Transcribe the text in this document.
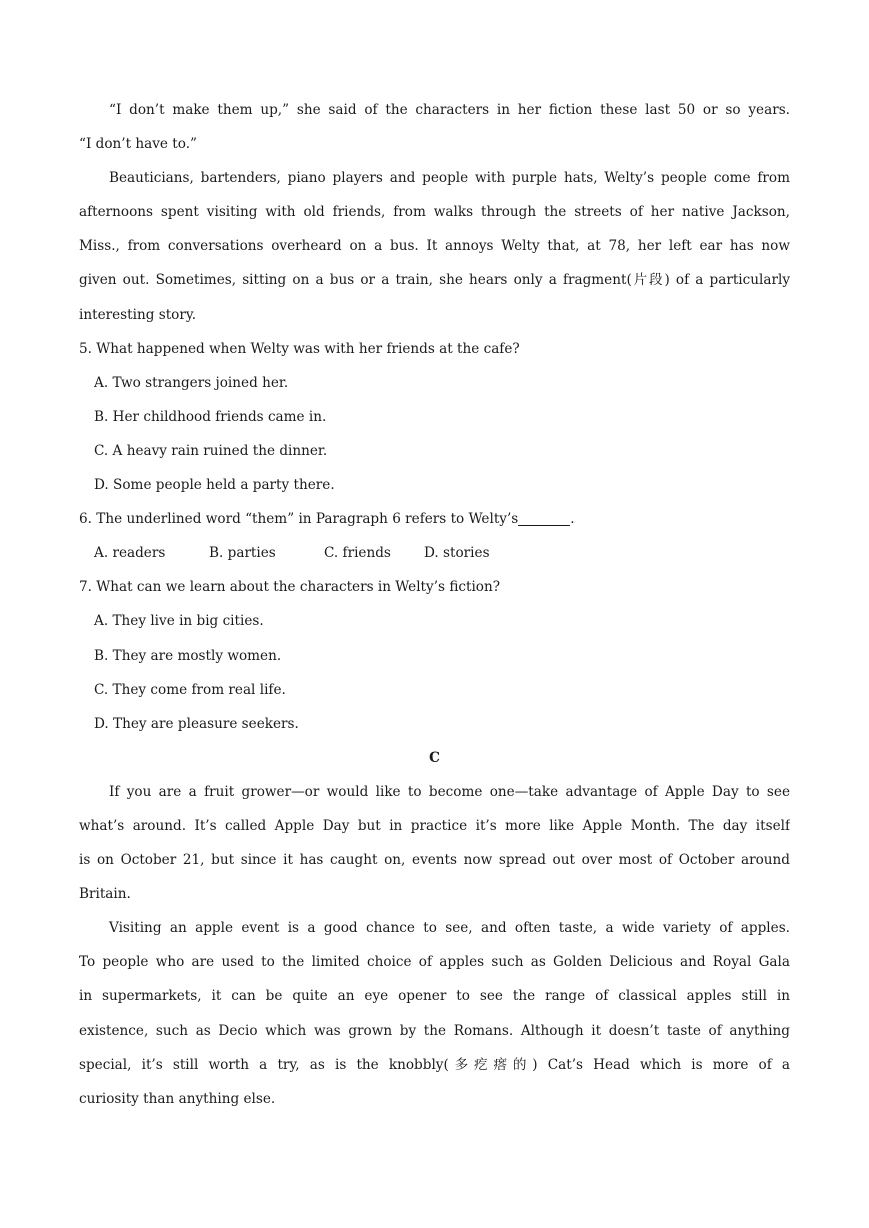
“I don’t make them up,” she said of the characters in her fiction these last 50 or so years.
“I don’t have to.”
Beauticians, bartenders, piano players and people with purple hats, Welty’s people come from
afternoons spent visiting with old friends, from walks through the streets of her native Jackson,
Miss., from conversations overheard on a bus. It annoys Welty that, at 78, her left ear has now
given out. Sometimes, sitting on a bus or a train, she hears only a fragment(片段) of a particularly
interesting story.
5. What happened when Welty was with her friends at the cafe?
A. Two strangers joined her.
B. Her childhood friends came in.
C. A heavy rain ruined the dinner.
D. Some people held a party there.
6. The underlined word “them” in Paragraph 6 refers to Welty’s	.
A. readers	B. parties	C. friends D. stories
7. What can we learn about the characters in Welty’s fiction?
A. They live in big cities.
B. They are mostly women.
C. They come from real life.
D. They are pleasure seekers.
C
If you are a fruit grower—or would like to become one—take advantage of Apple Day to see
what’s around. It’s called Apple Day but in practice it’s more like Apple Month. The day itself
is on October 21, but since it has caught on, events now spread out over most of October around
Britain.
Visiting an apple event is a good chance to see, and often taste, a wide variety of apples.
To people who are used to the limited choice of apples such as Golden Delicious and Royal Gala
in supermarkets, it can be quite an eye opener to see the range of classical apples still in
existence, such as Decio which was grown by the Romans. Although it doesn’t taste of anything
special, it’s still worth a try, as is the knobbly(多疙瘩的) Cat’s Head which is more of a
curiosity than anything else.
